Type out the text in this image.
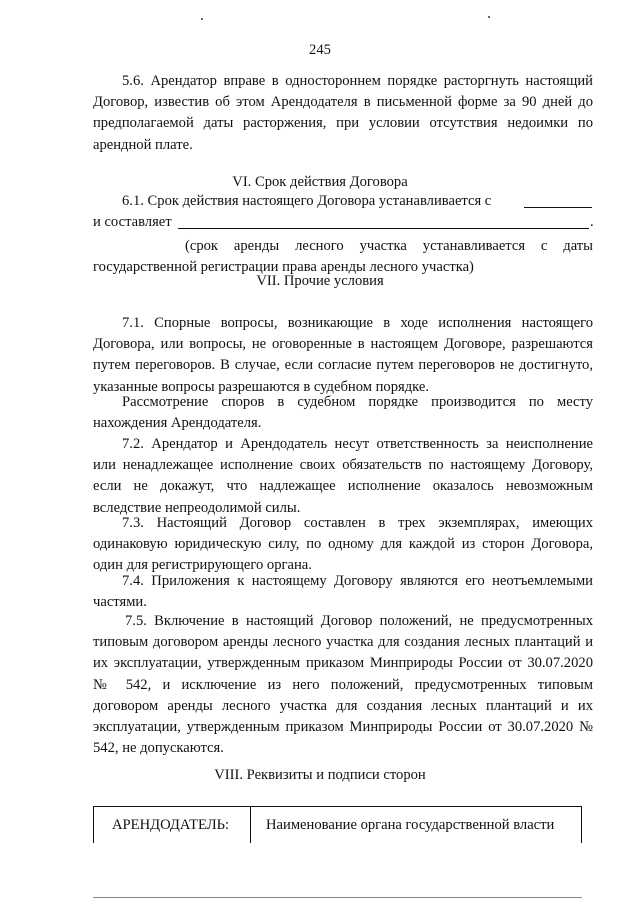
245
5.6. Арендатор вправе в одностороннем порядке расторгнуть настоящий Договор, известив об этом Арендодателя в письменной форме за 90 дней до предполагаемой даты расторжения, при условии отсутствия недоимки по арендной плате.
VI. Срок действия Договора
6.1. Срок действия настоящего Договора устанавливается с
и составляет	.
(срок аренды лесного участка устанавливается с даты государственной регистрации права аренды лесного участка)
VII. Прочие условия
7.1. Спорные вопросы, возникающие в ходе исполнения настоящего Договора, или вопросы, не оговоренные в настоящем Договоре, разрешаются путем переговоров. В случае, если согласие путем переговоров не достигнуто, указанные вопросы разрешаются в судебном порядке.
Рассмотрение споров в судебном порядке производится по месту нахождения Арендодателя.
7.2. Арендатор и Арендодатель несут ответственность за неисполнение или ненадлежащее исполнение своих обязательств по настоящему Договору, если не докажут, что надлежащее исполнение оказалось невозможным вследствие непреодолимой силы.
7.3. Настоящий Договор составлен в трех экземплярах, имеющих одинаковую юридическую силу, по одному для каждой из сторон Договора, один для регистрирующего органа.
7.4. Приложения к настоящему Договору являются его неотъемлемыми частями.
7.5. Включение в настоящий Договор положений, не предусмотренных типовым договором аренды лесного участка для создания лесных плантаций и их эксплуатации, утвержденным приказом Минприроды России от 30.07.2020 № 542, и исключение из него положений, предусмотренных типовым договором аренды лесного участка для создания лесных плантаций и их эксплуатации, утвержденным приказом Минприроды России от 30.07.2020 № 542, не допускаются.
VIII. Реквизиты и подписи сторон
АРЕНДОДАТЕЛЬ:	Наименование органа государственной власти
